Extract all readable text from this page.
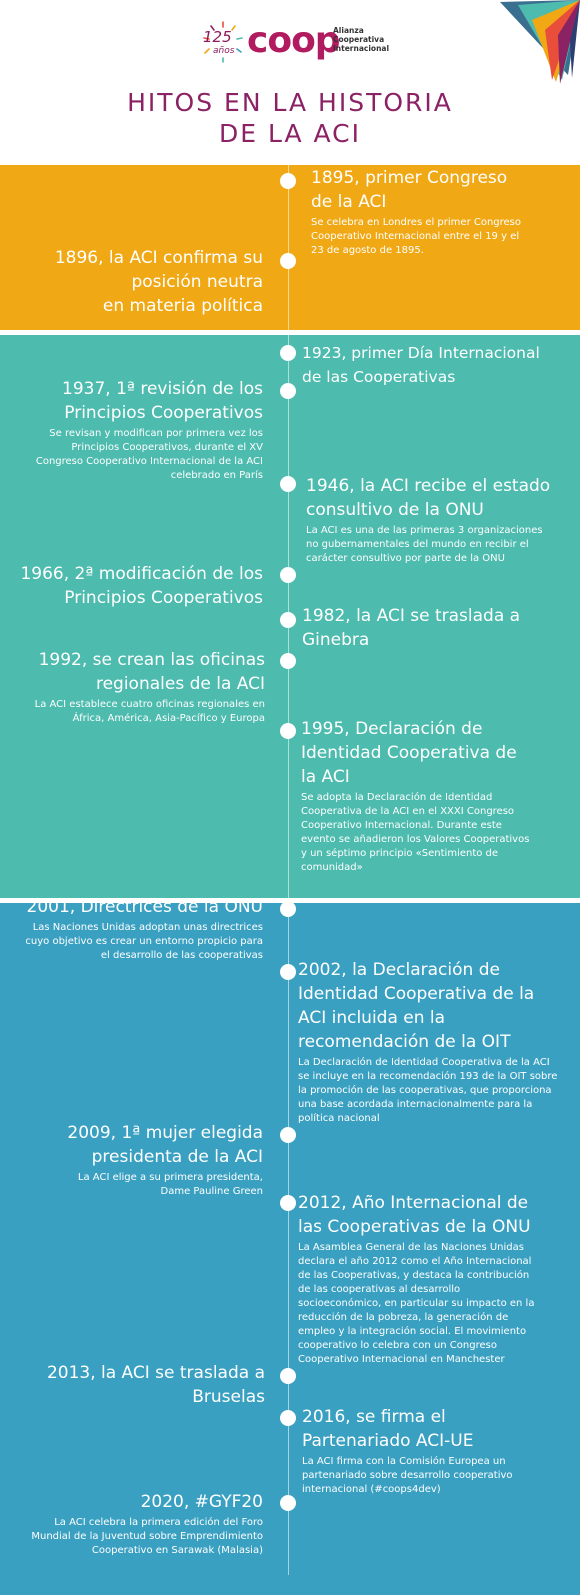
125
años coop
Alianza
Cooperativa
Internacional
HITOS EN LA HISTORIA
DE LA ACI
1895, primer Congreso
de la ACI
Se celebra en Londres el primer Congreso
Cooperativo Internacional entre el 19 y el
23 de agosto de 1895.
1896, la ACI confirma su
posición neutra
en materia política
1923, primer Día Internacional
de las Cooperativas
1937, 1ª revisión de los
Principios Cooperativos
Se revisan y modifican por primera vez los
Principios Cooperativos, durante el XV
Congreso Cooperativo Internacional de la ACI
celebrado en París
1946, la ACI recibe el estado
consultivo de la ONU
La ACI es una de las primeras 3 organizaciones
no gubernamentales del mundo en recibir el
carácter consultivo por parte de la ONU
1966, 2ª modificación de los
Principios Cooperativos
1982, la ACI se traslada a
Ginebra
1992, se crean las oficinas
regionales de la ACI
La ACI establece cuatro oficinas regionales en
África, América, Asia-Pacífico y Europa
1995, Declaración de
Identidad Cooperativa de
la ACI
Se adopta la Declaración de Identidad
Cooperativa de la ACI en el XXXI Congreso
Cooperativo Internacional. Durante este
evento se añadieron los Valores Cooperativos
y un séptimo principio «Sentimiento de
comunidad»
2001, Directrices de la ONU
Las Naciones Unidas adoptan unas directrices
cuyo objetivo es crear un entorno propicio para
el desarrollo de las cooperativas
2002, la Declaración de
Identidad Cooperativa de la
ACI incluida en la
recomendación de la OIT
La Declaración de Identidad Cooperativa de la ACI
se incluye en la recomendación 193 de la OIT sobre
la promoción de las cooperativas, que proporciona
una base acordada internacionalmente para la
política nacional
2009, 1ª mujer elegida
presidenta de la ACI
La ACI elige a su primera presidenta,
Dame Pauline Green
2012, Año Internacional de
las Cooperativas de la ONU
La Asamblea General de las Naciones Unidas
declara el año 2012 como el Año Internacional
de las Cooperativas, y destaca la contribución
de las cooperativas al desarrollo
socioeconómico, en particular su impacto en la
reducción de la pobreza, la generación de
empleo y la integración social. El movimiento
cooperativo lo celebra con un Congreso
Cooperativo Internacional en Manchester
2013, la ACI se traslada a
Bruselas
2016, se firma el
Partenariado ACI-UE
La ACI firma con la Comisión Europea un
partenariado sobre desarrollo cooperativo
internacional (#coops4dev)
2020, #GYF20
La ACI celebra la primera edición del Foro
Mundial de la Juventud sobre Emprendimiento
Cooperativo en Sarawak (Malasia)
